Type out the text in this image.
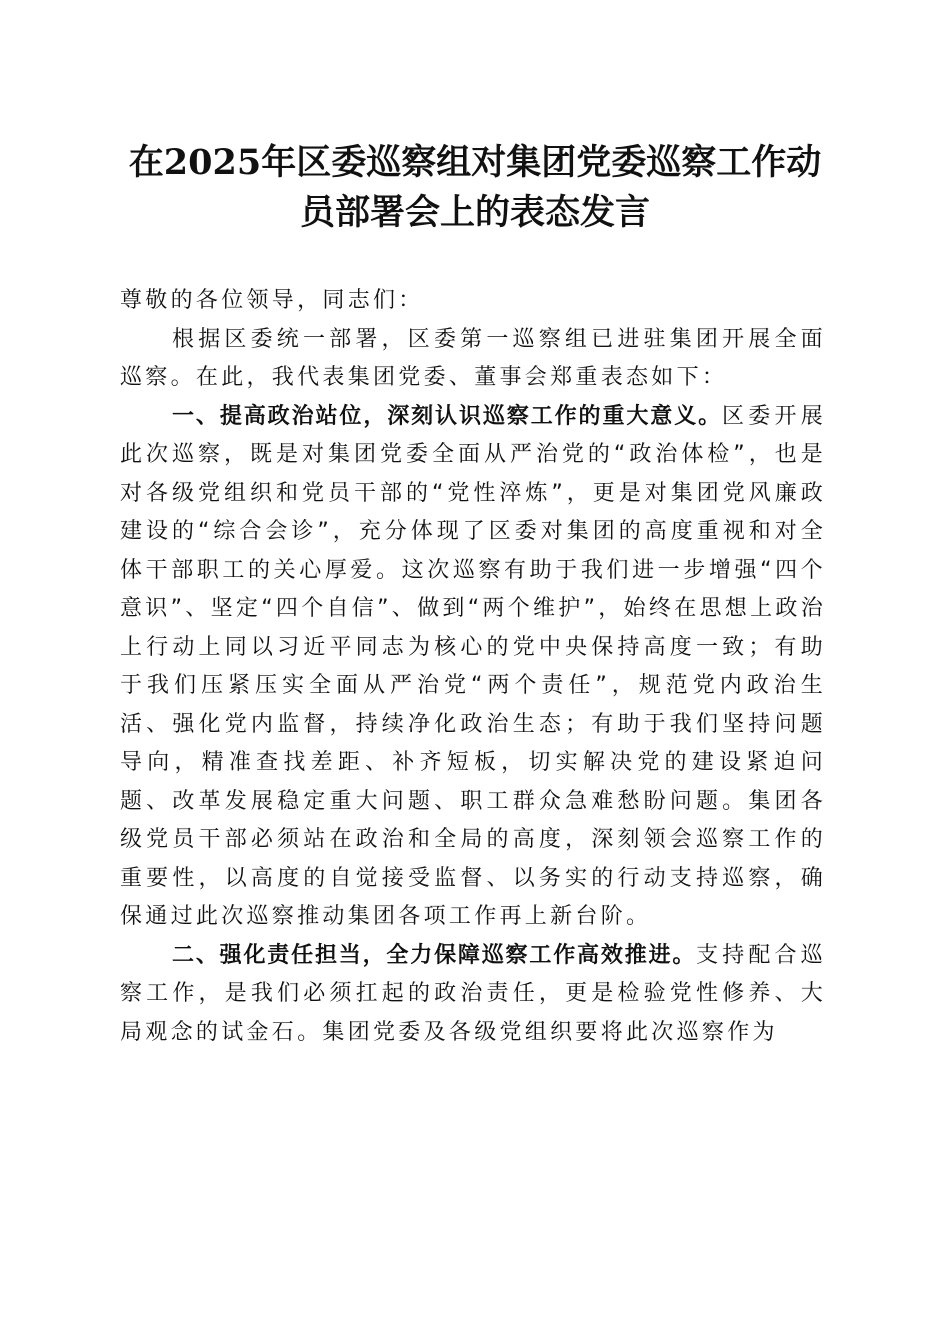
在2025年区委巡察组对集团党委巡察工作动
员部署会上的表态发言

尊敬的各位领导，同志们：

根据区委统一部署，区委第一巡察组已进驻集团开展全面巡察。在此，我代表集团党委、董事会郑重表态如下：

一、提高政治站位，深刻认识巡察工作的重大意义。区委开展此次巡察，既是对集团党委全面从严治党的“政治体检”，也是对各级党组织和党员干部的“党性淬炼”，更是对集团党风廉政建设的“综合会诊”，充分体现了区委对集团的高度重视和对全体干部职工的关心厚爱。这次巡察有助于我们进一步增强“四个意识”、坚定“四个自信”、做到“两个维护”，始终在思想上政治上行动上同以习近平同志为核心的党中央保持高度一致；有助于我们压紧压实全面从严治党“两个责任”，规范党内政治生活、强化党内监督，持续净化政治生态；有助于我们坚持问题导向，精准查找差距、补齐短板，切实解决党的建设紧迫问题、改革发展稳定重大问题、职工群众急难愁盼问题。集团各级党员干部必须站在政治和全局的高度，深刻领会巡察工作的重要性，以高度的自觉接受监督、以务实的行动支持巡察，确保通过此次巡察推动集团各项工作再上新台阶。

二、强化责任担当，全力保障巡察工作高效推进。支持配合巡察工作，是我们必须扛起的政治责任，更是检验党性修养、大局观念的试金石。集团党委及各级党组织要将此次巡察作为
